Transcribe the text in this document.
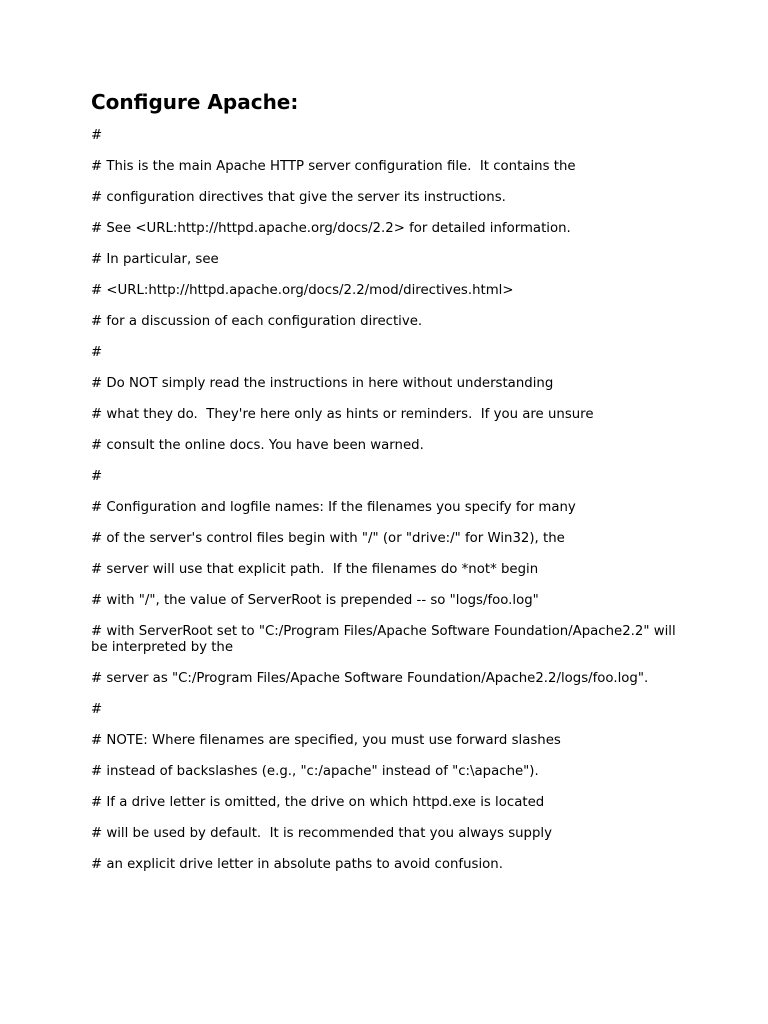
Configure Apache:

#

# This is the main Apache HTTP server configuration file.  It contains the

# configuration directives that give the server its instructions.

# See <URL:http://httpd.apache.org/docs/2.2> for detailed information.

# In particular, see

# <URL:http://httpd.apache.org/docs/2.2/mod/directives.html>

# for a discussion of each configuration directive.

#

# Do NOT simply read the instructions in here without understanding

# what they do.  They're here only as hints or reminders.  If you are unsure

# consult the online docs. You have been warned.

#

# Configuration and logfile names: If the filenames you specify for many

# of the server's control files begin with "/" (or "drive:/" for Win32), the

# server will use that explicit path.  If the filenames do *not* begin

# with "/", the value of ServerRoot is prepended -- so "logs/foo.log"

# with ServerRoot set to "C:/Program Files/Apache Software Foundation/Apache2.2" will be interpreted by the

# server as "C:/Program Files/Apache Software Foundation/Apache2.2/logs/foo.log".

#

# NOTE: Where filenames are specified, you must use forward slashes

# instead of backslashes (e.g., "c:/apache" instead of "c:\apache").

# If a drive letter is omitted, the drive on which httpd.exe is located

# will be used by default.  It is recommended that you always supply

# an explicit drive letter in absolute paths to avoid confusion.
